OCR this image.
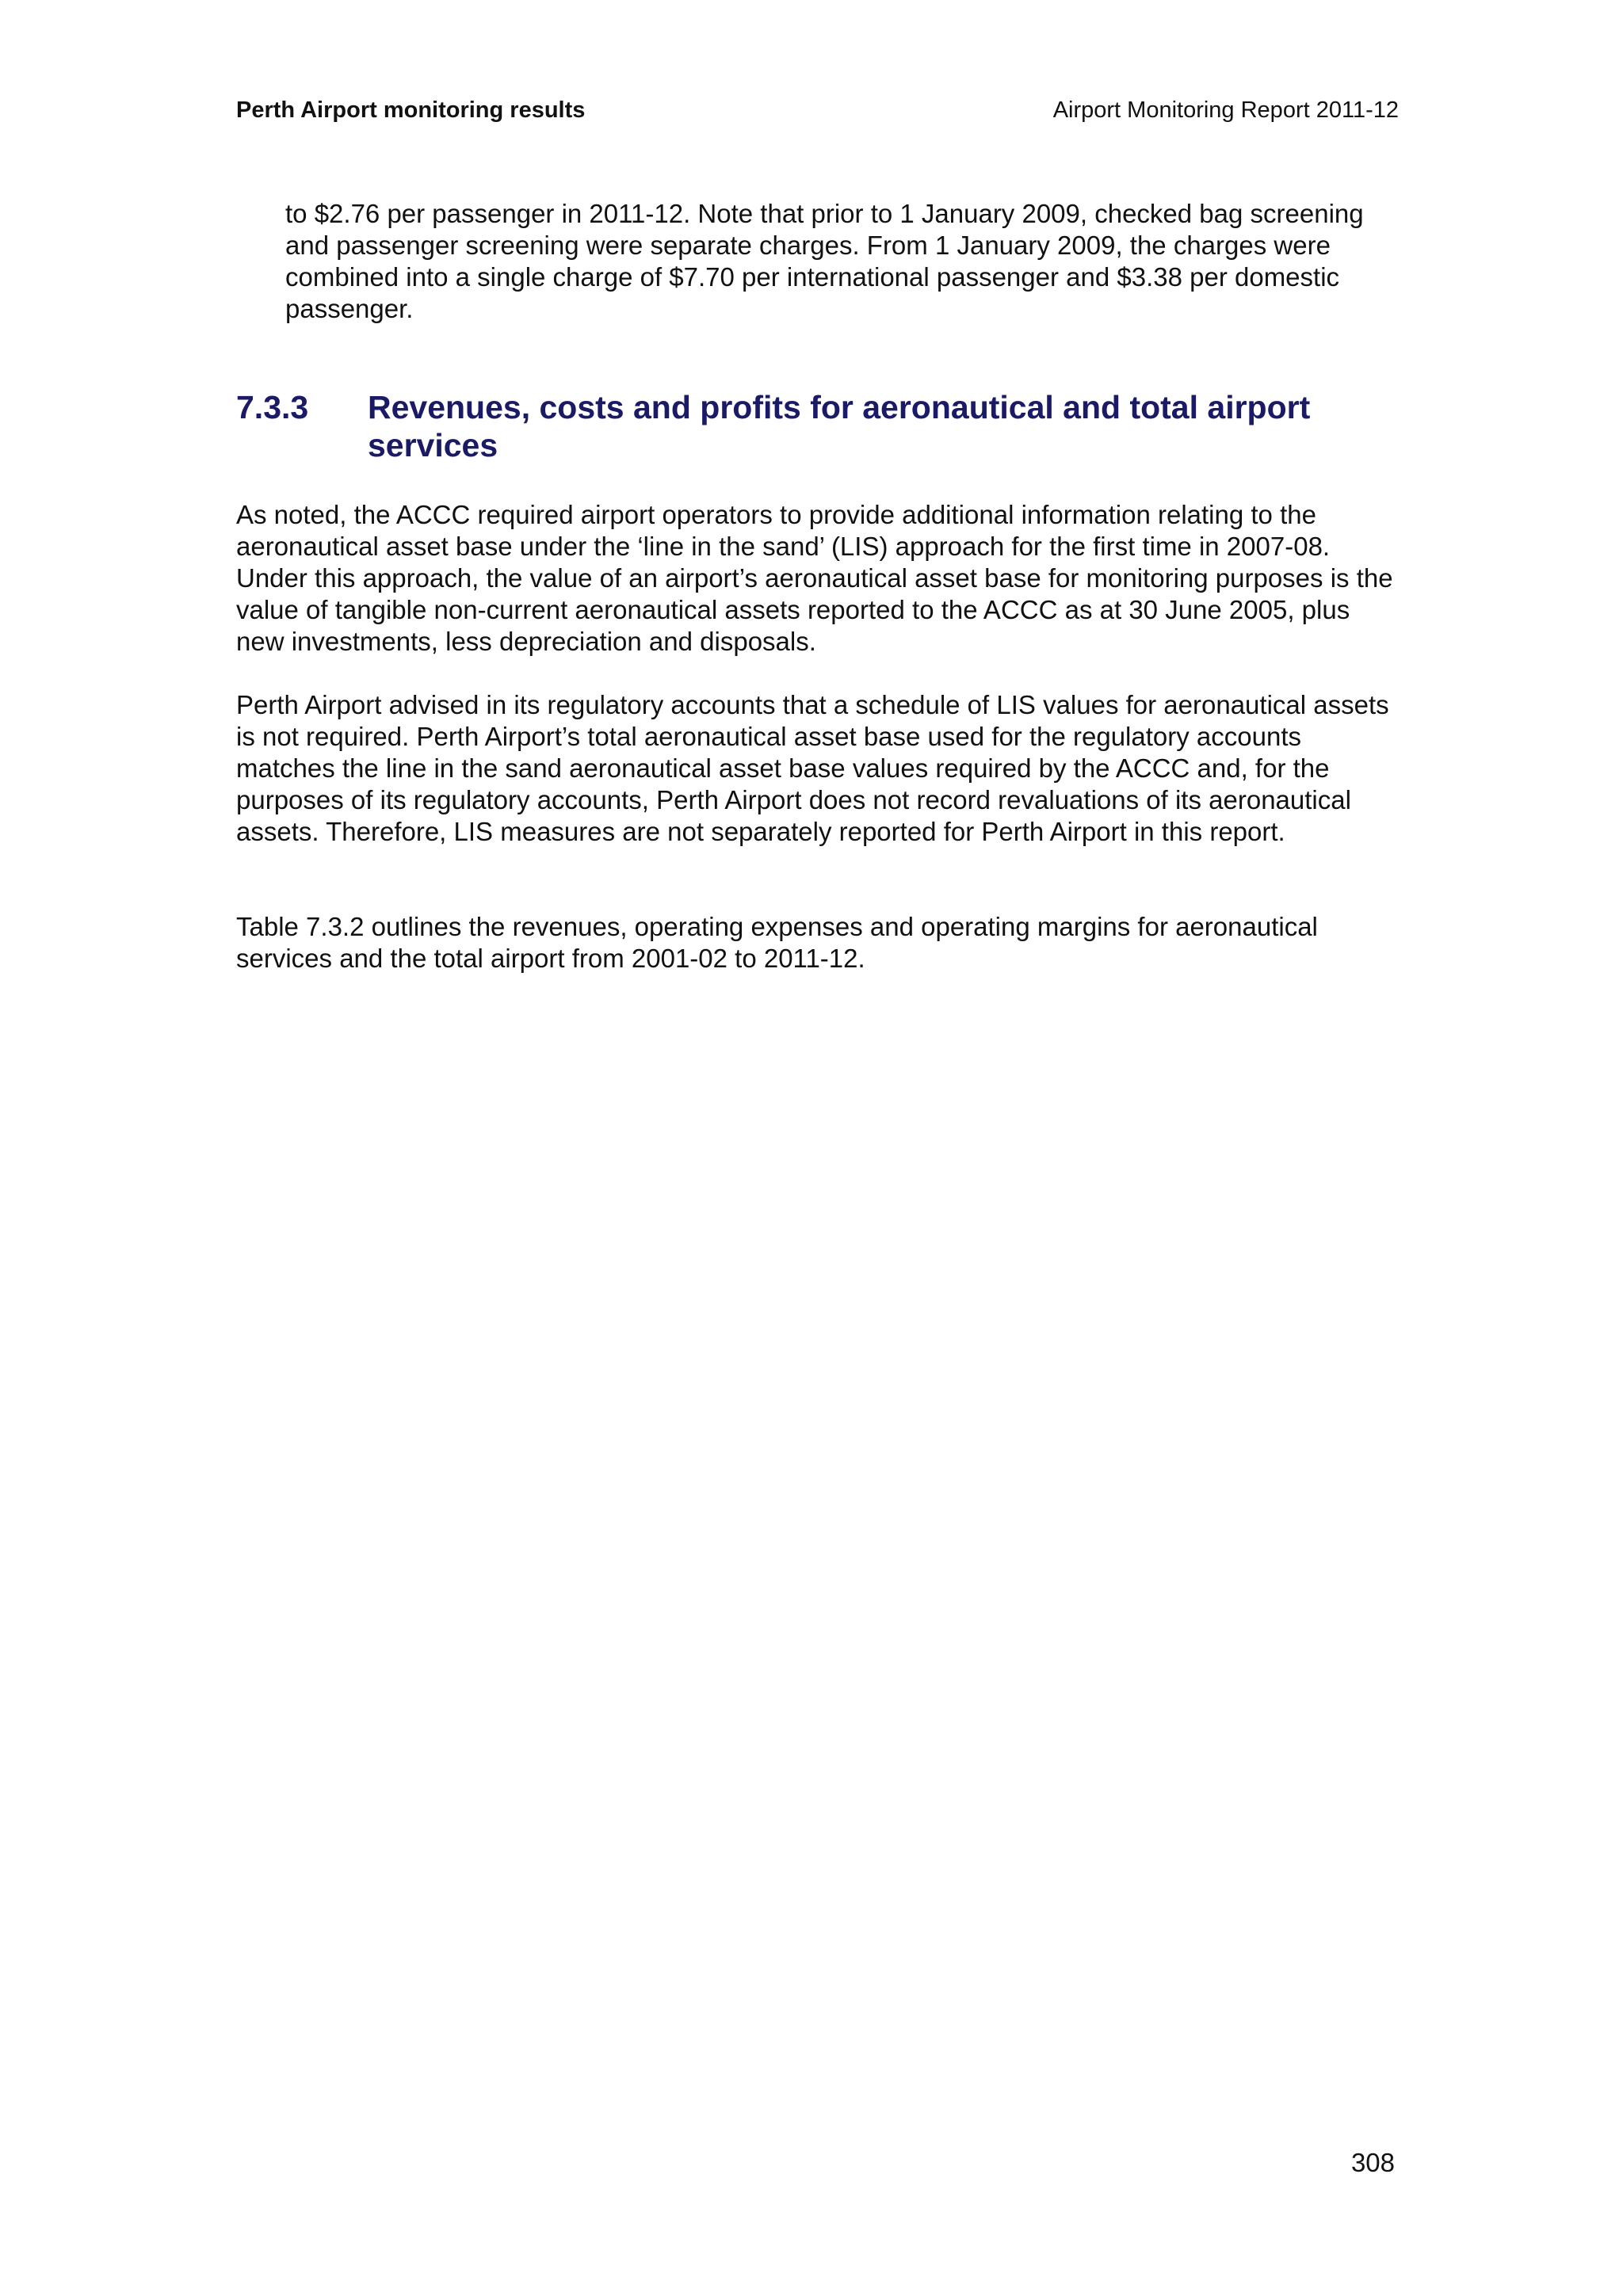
Perth Airport monitoring results	Airport Monitoring Report 2011-12

to $2.76 per passenger in 2011-12. Note that prior to 1 January 2009, checked bag screening and passenger screening were separate charges. From 1 January 2009, the charges were combined into a single charge of $7.70 per international passenger and $3.38 per domestic passenger.

7.3.3 Revenues, costs and profits for aeronautical and total airport services

As noted, the ACCC required airport operators to provide additional information relating to the aeronautical asset base under the ‘line in the sand’ (LIS) approach for the first time in 2007-08. Under this approach, the value of an airport’s aeronautical asset base for monitoring purposes is the value of tangible non-current aeronautical assets reported to the ACCC as at 30 June 2005, plus new investments, less depreciation and disposals.

Perth Airport advised in its regulatory accounts that a schedule of LIS values for aeronautical assets is not required. Perth Airport’s total aeronautical asset base used for the regulatory accounts matches the line in the sand aeronautical asset base values required by the ACCC and, for the purposes of its regulatory accounts, Perth Airport does not record revaluations of its aeronautical assets. Therefore, LIS measures are not separately reported for Perth Airport in this report.

Table 7.3.2 outlines the revenues, operating expenses and operating margins for aeronautical services and the total airport from 2001-02 to 2011-12.

308
